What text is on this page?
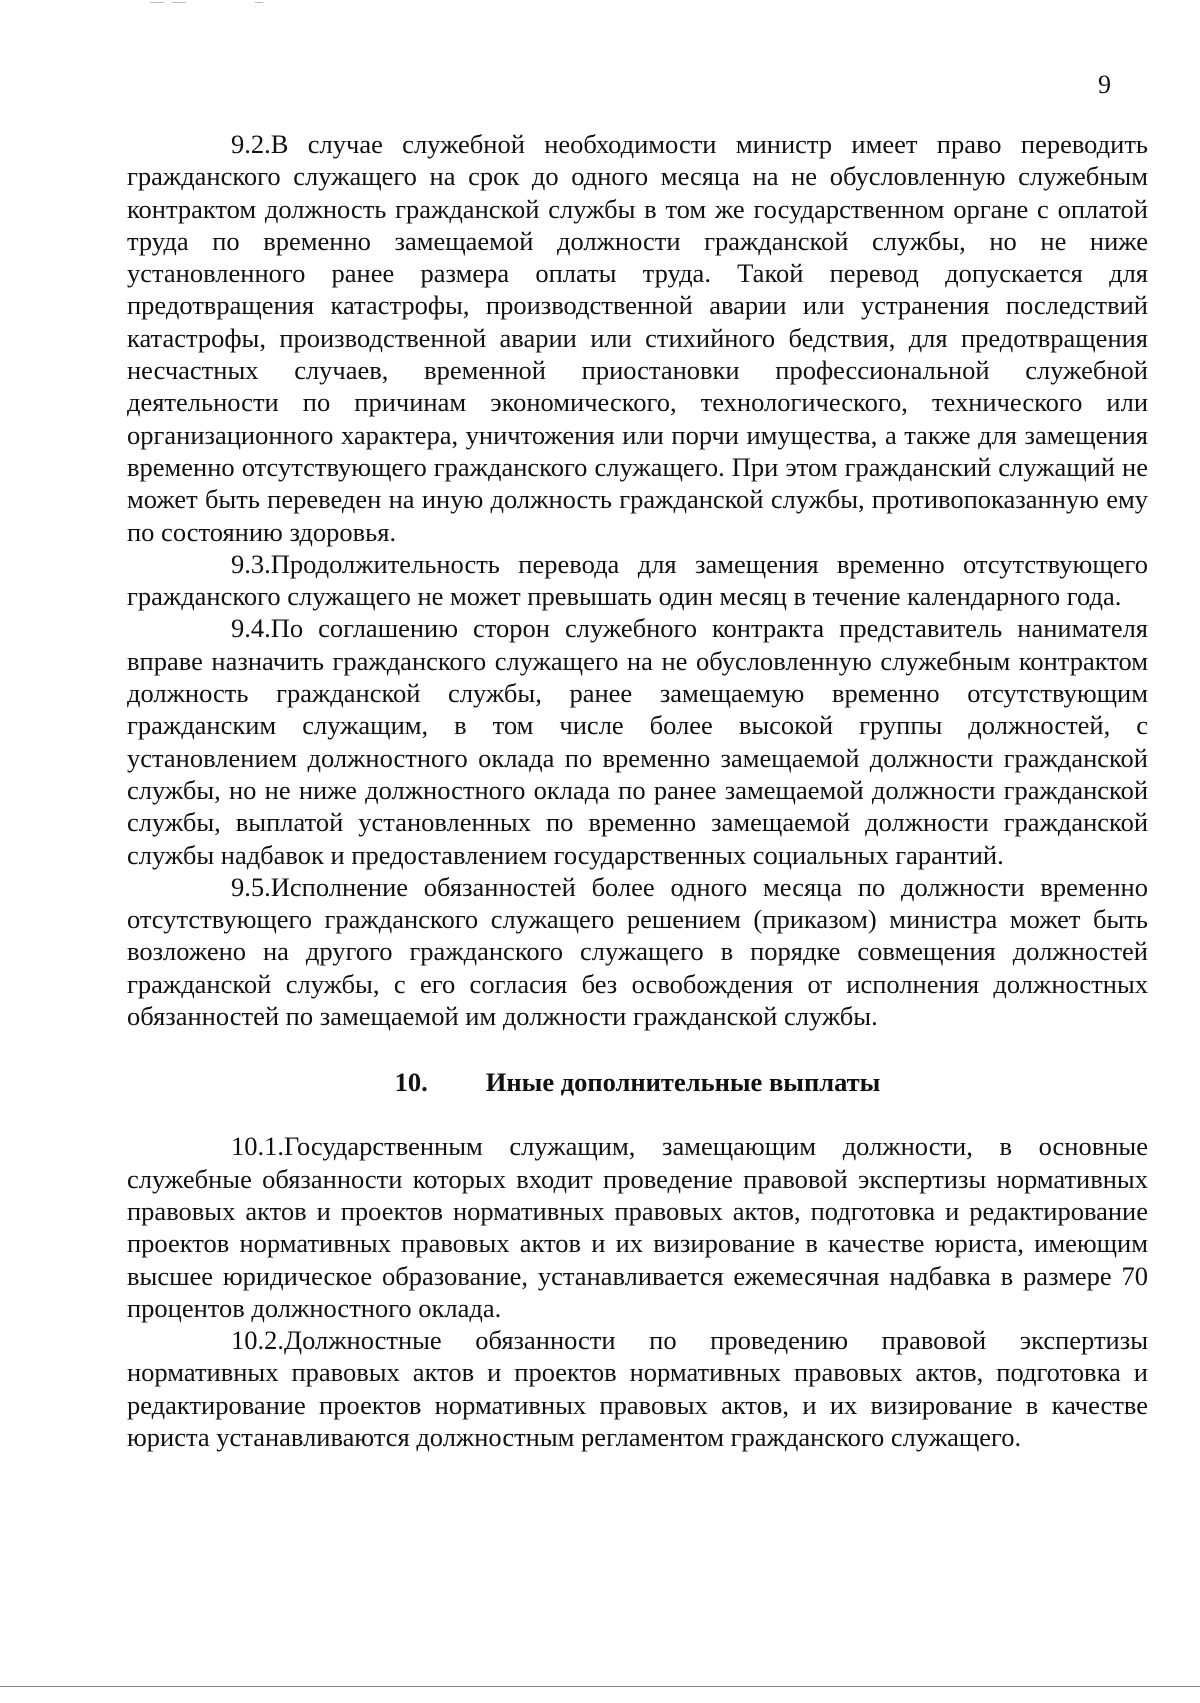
9

9.2.В случае служебной необходимости министр имеет право переводить гражданского служащего на срок до одного месяца на не обусловленную служебным контрактом должность гражданской службы в том же государственном органе с оплатой труда по временно замещаемой должности гражданской службы, но не ниже установленного ранее размера оплаты труда. Такой перевод допускается для предотвращения катастрофы, производственной аварии или устранения последствий катастрофы, производственной аварии или стихийного бедствия, для предотвращения несчастных случаев, временной приостановки профессиональной служебной деятельности по причинам экономического, технологического, технического или организационного характера, уничтожения или порчи имущества, а также для замещения временно отсутствующего гражданского служащего. При этом гражданский служащий не может быть переведен на иную должность гражданской службы, противопоказанную ему по состоянию здоровья.

9.3.Продолжительность перевода для замещения временно отсутствующего гражданского служащего не может превышать один месяц в течение календарного года.

9.4.По соглашению сторон служебного контракта представитель нанимателя вправе назначить гражданского служащего на не обусловленную служебным контрактом должность гражданской службы, ранее замещаемую временно отсутствующим гражданским служащим, в том числе более высокой группы должностей, с установлением должностного оклада по временно замещаемой должности гражданской службы, но не ниже должностного оклада по ранее замещаемой должности гражданской службы, выплатой установленных по временно замещаемой должности гражданской службы надбавок и предоставлением государственных социальных гарантий.

9.5.Исполнение обязанностей более одного месяца по должности временно отсутствующего гражданского служащего решением (приказом) министра может быть возложено на другого гражданского служащего в порядке совмещения должностей гражданской службы, с его согласия без освобождения от исполнения должностных обязанностей по замещаемой им должности гражданской службы.

10. Иные дополнительные выплаты

10.1.Государственным служащим, замещающим должности, в основные служебные обязанности которых входит проведение правовой экспертизы нормативных правовых актов и проектов нормативных правовых актов, подготовка и редактирование проектов нормативных правовых актов и их визирование в качестве юриста, имеющим высшее юридическое образование, устанавливается ежемесячная надбавка в размере 70 процентов должностного оклада.

10.2.Должностные обязанности по проведению правовой экспертизы нормативных правовых актов и проектов нормативных правовых актов, подготовка и редактирование проектов нормативных правовых актов, и их визирование в качестве юриста устанавливаются должностным регламентом гражданского служащего.
